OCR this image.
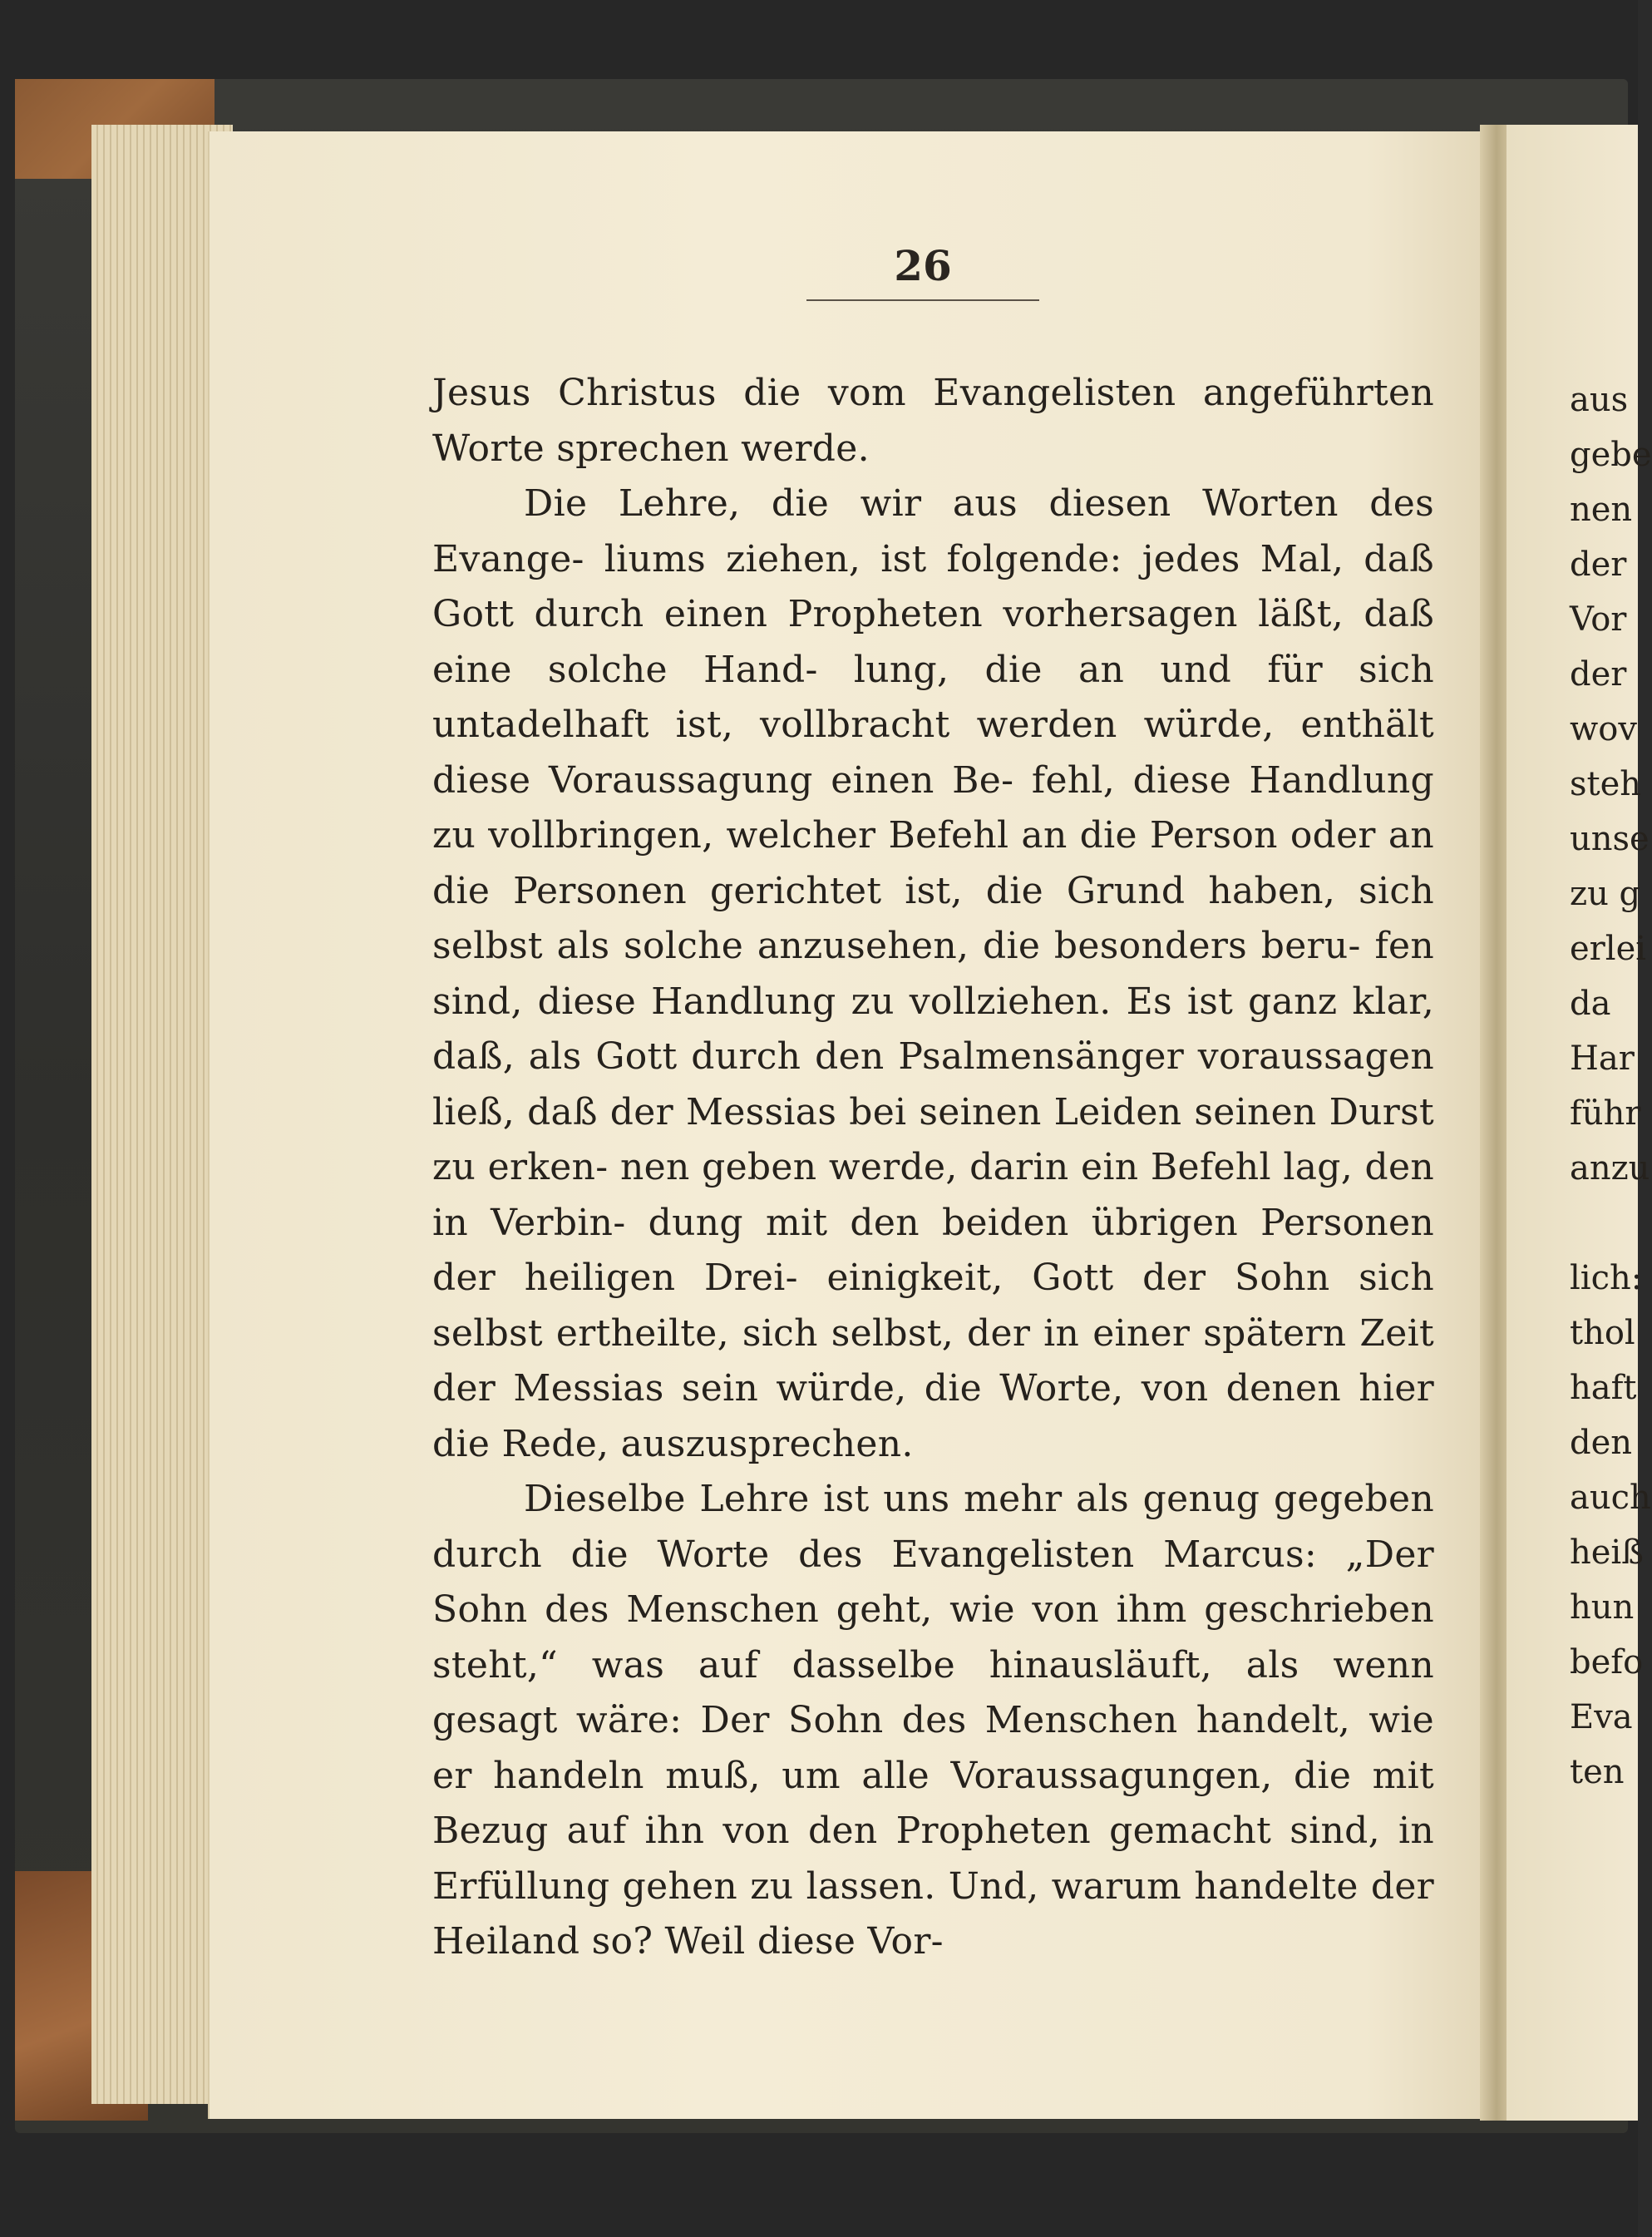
26

Jesus Christus die vom Evangelisten angeführten Worte sprechen werde.

Die Lehre, die wir aus diesen Worten des Evange- liums ziehen, ist folgende: jedes Mal, daß Gott durch einen Propheten vorhersagen läßt, daß eine solche Hand- lung, die an und für sich untadelhaft ist, vollbracht werden würde, enthält diese Voraussagung einen Be- fehl, diese Handlung zu vollbringen, welcher Befehl an die Person oder an die Personen gerichtet ist, die Grund haben, sich selbst als solche anzusehen, die besonders beru- fen sind, diese Handlung zu vollziehen. Es ist ganz klar, daß, als Gott durch den Psalmensänger voraussagen ließ, daß der Messias bei seinen Leiden seinen Durst zu erken- nen geben werde, darin ein Befehl lag, den in Verbin- dung mit den beiden übrigen Personen der heiligen Drei- einigkeit, Gott der Sohn sich selbst ertheilte, sich selbst, der in einer spätern Zeit der Messias sein würde, die Worte, von denen hier die Rede, auszusprechen.

Dieselbe Lehre ist uns mehr als genug gegeben durch die Worte des Evangelisten Marcus: „Der Sohn des Menschen geht, wie von ihm geschrieben steht,“ was auf dasselbe hinausläuft, als wenn gesagt wäre: Der Sohn des Menschen handelt, wie er handeln muß, um alle Voraussagungen, die mit Bezug auf ihn von den Propheten gemacht sind, in Erfüllung gehen zu lassen. Und, warum handelte der Heiland so? Weil diese Vor-

aus
gebe
nen
der
Vor
der
wov
steh
unse
zu g
erlei
da
Har
führ
anzu
lich:
thol
haft
den
auch
heiß
hun
befo
Eva
ten
